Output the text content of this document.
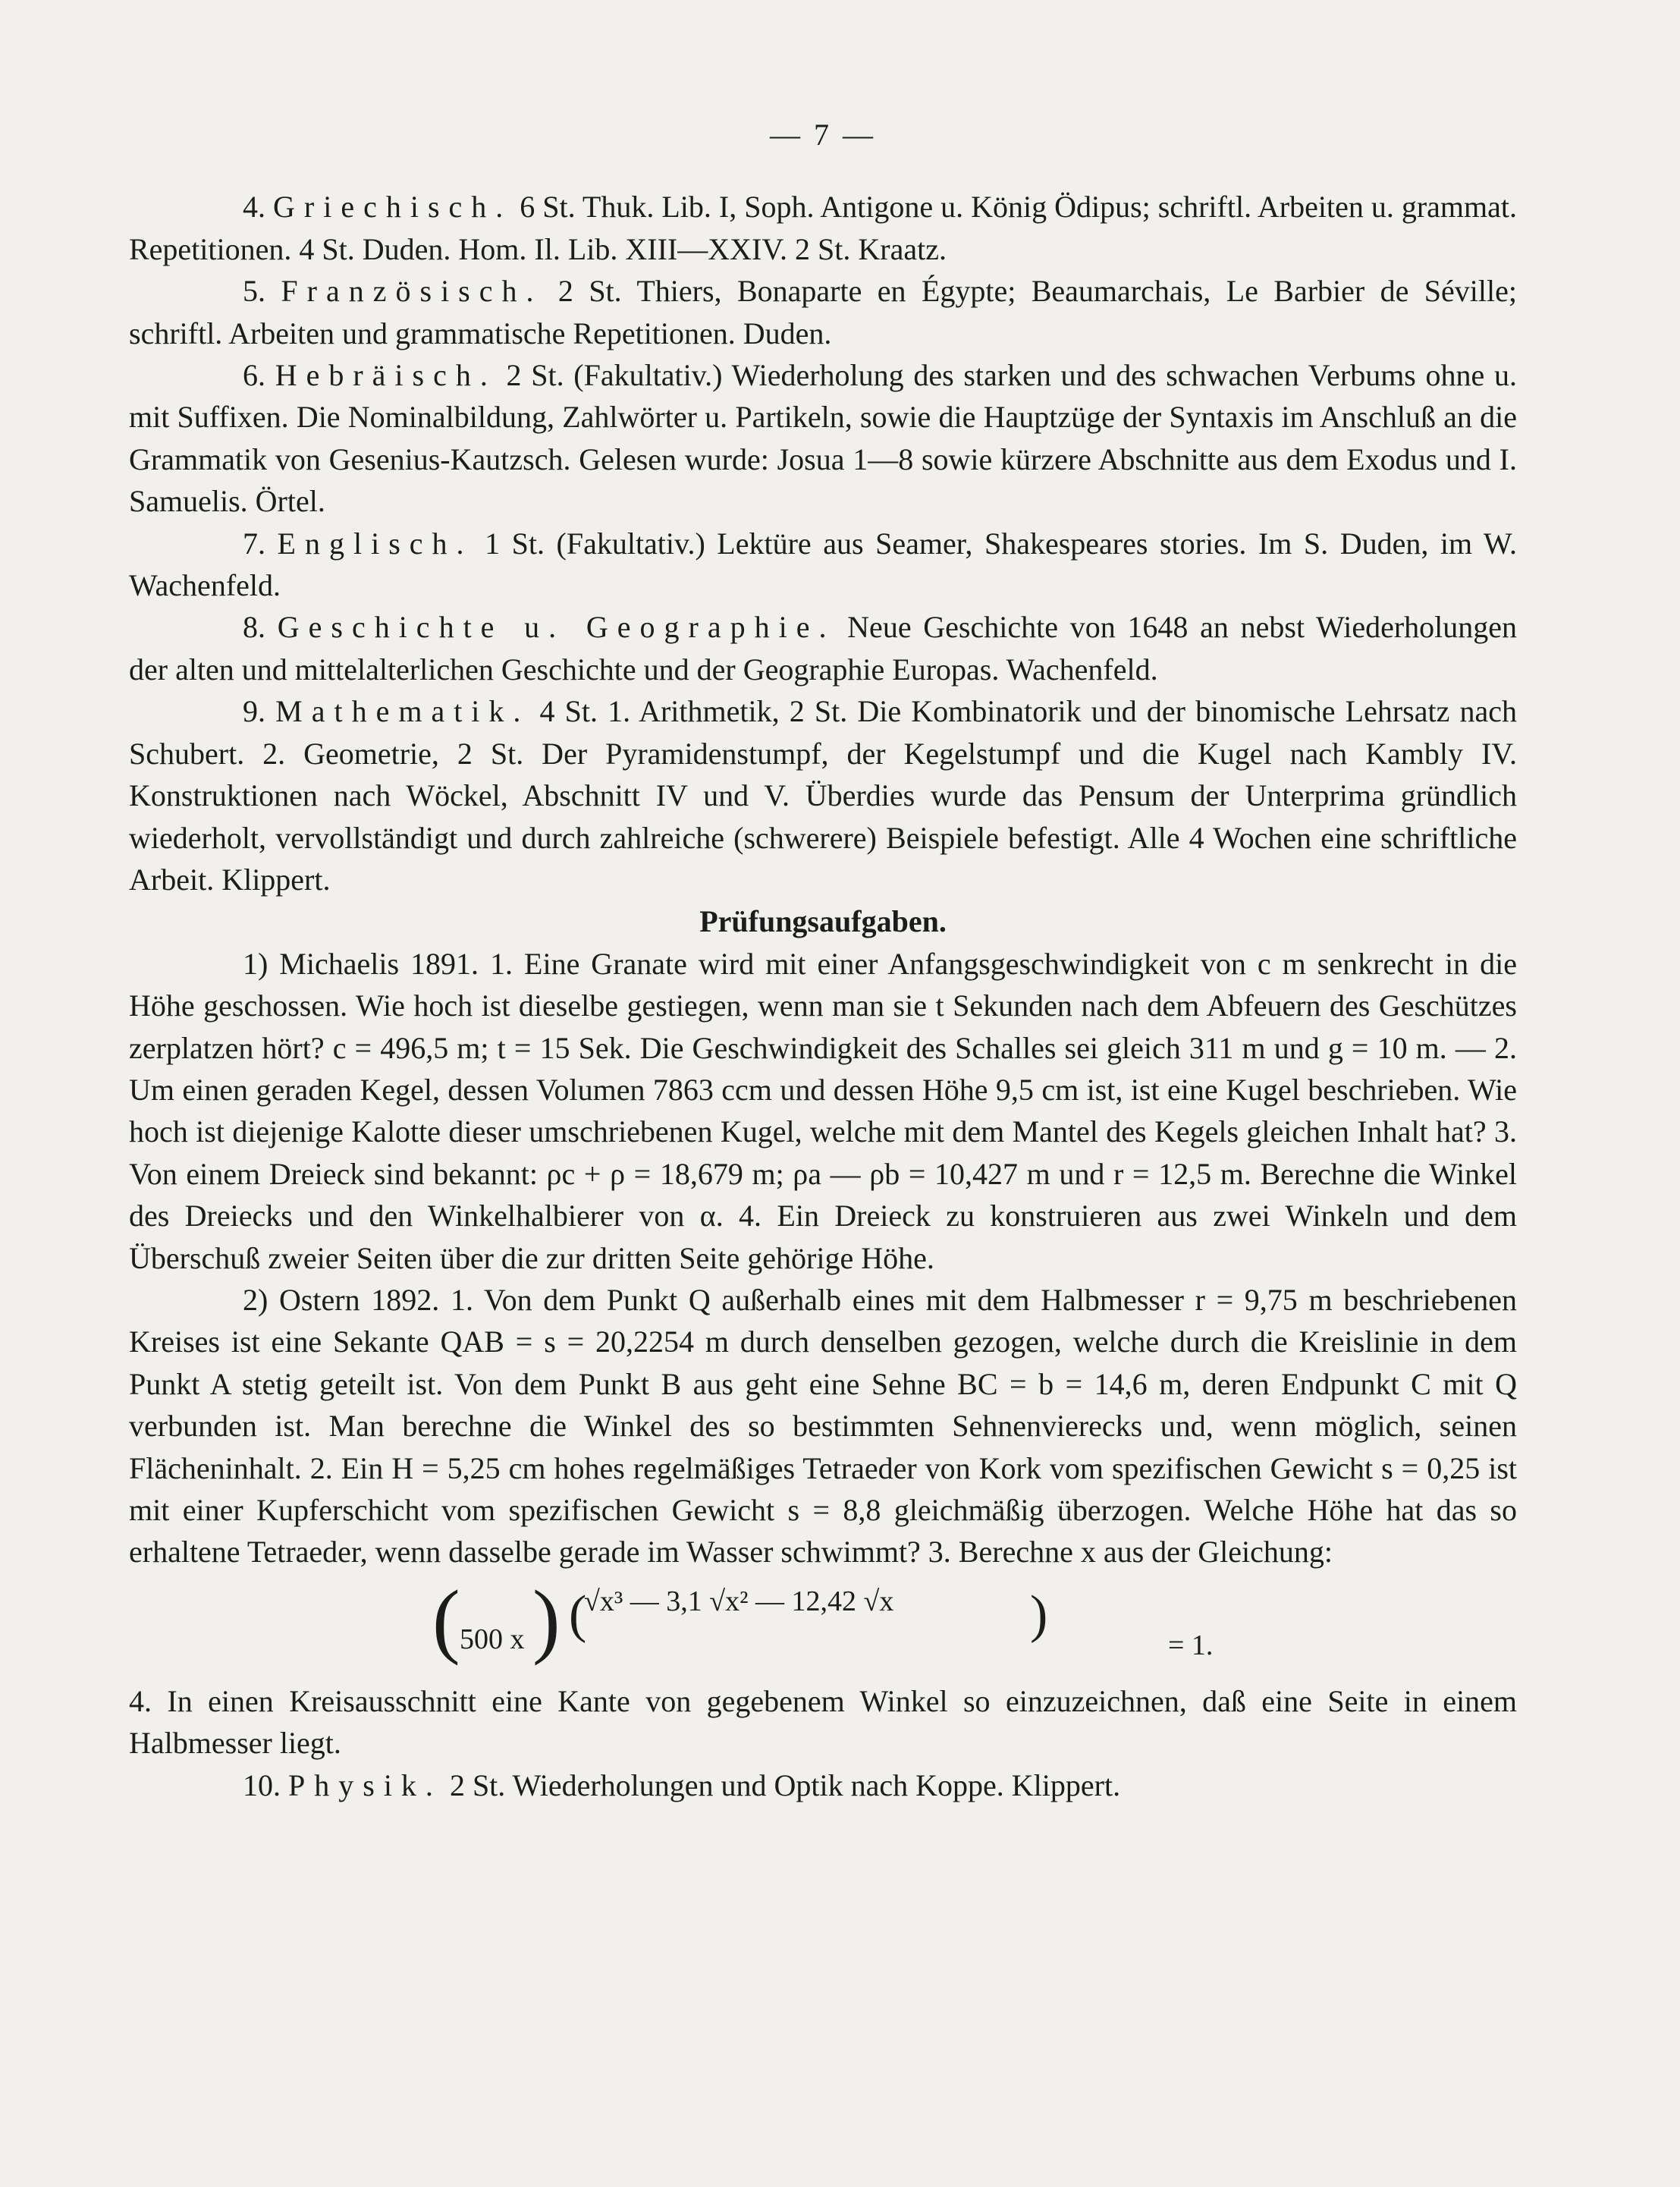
— 7 —

4. Griechisch. 6 St. Thuk. Lib. I, Soph. Antigone u. König Ödipus; schriftl. Arbeiten u. grammat. Repetitionen. 4 St. Duden. Hom. Il. Lib. XIII—XXIV. 2 St. Kraatz.

5. Französisch. 2 St. Thiers, Bonaparte en Égypte; Beaumarchais, Le Barbier de Séville; schriftl. Arbeiten und grammatische Repetitionen. Duden.

6. Hebräisch. 2 St. (Fakultativ.) Wiederholung des starken und des schwachen Verbums ohne u. mit Suffixen. Die Nominalbildung, Zahlwörter u. Partikeln, sowie die Hauptzüge der Syntaxis im Anschluß an die Grammatik von Gesenius-Kautzsch. Gelesen wurde: Josua 1—8 sowie kürzere Abschnitte aus dem Exodus und I. Samuelis. Örtel.

7. Englisch. 1 St. (Fakultativ.) Lektüre aus Seamer, Shakespeares stories. Im S. Duden, im W. Wachenfeld.

8. Geschichte u. Geographie. Neue Geschichte von 1648 an nebst Wiederholungen der alten und mittelalterlichen Geschichte und der Geographie Europas. Wachenfeld.

9. Mathematik. 4 St. 1. Arithmetik, 2 St. Die Kombinatorik und der binomische Lehrsatz nach Schubert. 2. Geometrie, 2 St. Der Pyramidenstumpf, der Kegelstumpf und die Kugel nach Kambly IV. Konstruktionen nach Wöckel, Abschnitt IV und V. Überdies wurde das Pensum der Unterprima gründlich wiederholt, vervollständigt und durch zahlreiche (schwerere) Beispiele befestigt. Alle 4 Wochen eine schriftliche Arbeit. Klippert.

Prüfungsaufgaben.

1) Michaelis 1891. 1. Eine Granate wird mit einer Anfangsgeschwindigkeit von c m senkrecht in die Höhe geschossen. Wie hoch ist dieselbe gestiegen, wenn man sie t Sekunden nach dem Abfeuern des Geschützes zerplatzen hört? c = 496,5 m; t = 15 Sek. Die Geschwindigkeit des Schalles sei gleich 311 m und g = 10 m. — 2. Um einen geraden Kegel, dessen Volumen 7863 ccm und dessen Höhe 9,5 cm ist, ist eine Kugel beschrieben. Wie hoch ist diejenige Kalotte dieser umschriebenen Kugel, welche mit dem Mantel des Kegels gleichen Inhalt hat? 3. Von einem Dreieck sind bekannt: ρc + ρ = 18,679 m; ρa — ρb = 10,427 m und r = 12,5 m. Berechne die Winkel des Dreiecks und den Winkelhalbierer von α. 4. Ein Dreieck zu konstruieren aus zwei Winkeln und dem Überschuß zweier Seiten über die zur dritten Seite gehörige Höhe.

2) Ostern 1892. 1. Von dem Punkt Q außerhalb eines mit dem Halbmesser r = 9,75 m beschriebenen Kreises ist eine Sekante QAB = s = 20,2254 m durch denselben gezogen, welche durch die Kreislinie in dem Punkt A stetig geteilt ist. Von dem Punkt B aus geht eine Sehne BC = b = 14,6 m, deren Endpunkt C mit Q verbunden ist. Man berechne die Winkel des so bestimmten Sehnenvierecks und, wenn möglich, seinen Flächeninhalt. 2. Ein H = 5,25 cm hohes regelmäßiges Tetraeder von Kork vom spezifischen Gewicht s = 0,25 ist mit einer Kupferschicht vom spezifischen Gewicht s = 8,8 gleichmäßig überzogen. Welche Höhe hat das so erhaltene Tetraeder, wenn dasselbe gerade im Wasser schwimmt? 3. Berechne x aus der Gleichung:

( 500 x ) (
√x³ — 3,1 √x² — 12,42 √x	)
= 1.

4. In einen Kreisausschnitt eine Kante von gegebenem Winkel so einzuzeichnen, daß eine Seite in einem Halbmesser liegt.

10. Physik. 2 St. Wiederholungen und Optik nach Koppe. Klippert.
